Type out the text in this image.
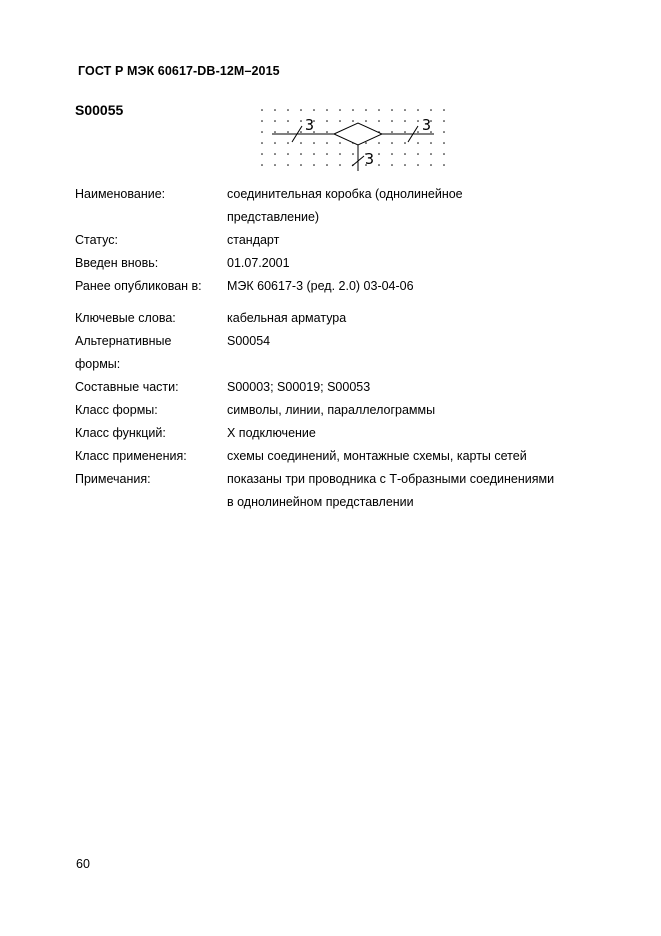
ГОСТ Р МЭК 60617-DB-12M–2015
S00055
3	3
3
Наименование:	соединительная коробка (однолинейное
представление)
Статус:	стандарт
Введен вновь:	01.07.2001
Ранее опубликован в:	МЭК 60617-3 (ред. 2.0) 03-04-06
Ключевые слова:	кабельная арматура
Альтернативные
формы:
S00054
Составные части:	S00003; S00019; S00053
Класс формы:	символы, линии, параллелограммы
Класс функций:	X подключение
Класс применения:	схемы соединений, монтажные схемы, карты сетей
Примечания:	показаны три проводника с Т-образными соединениями
в однолинейном представлении
60
